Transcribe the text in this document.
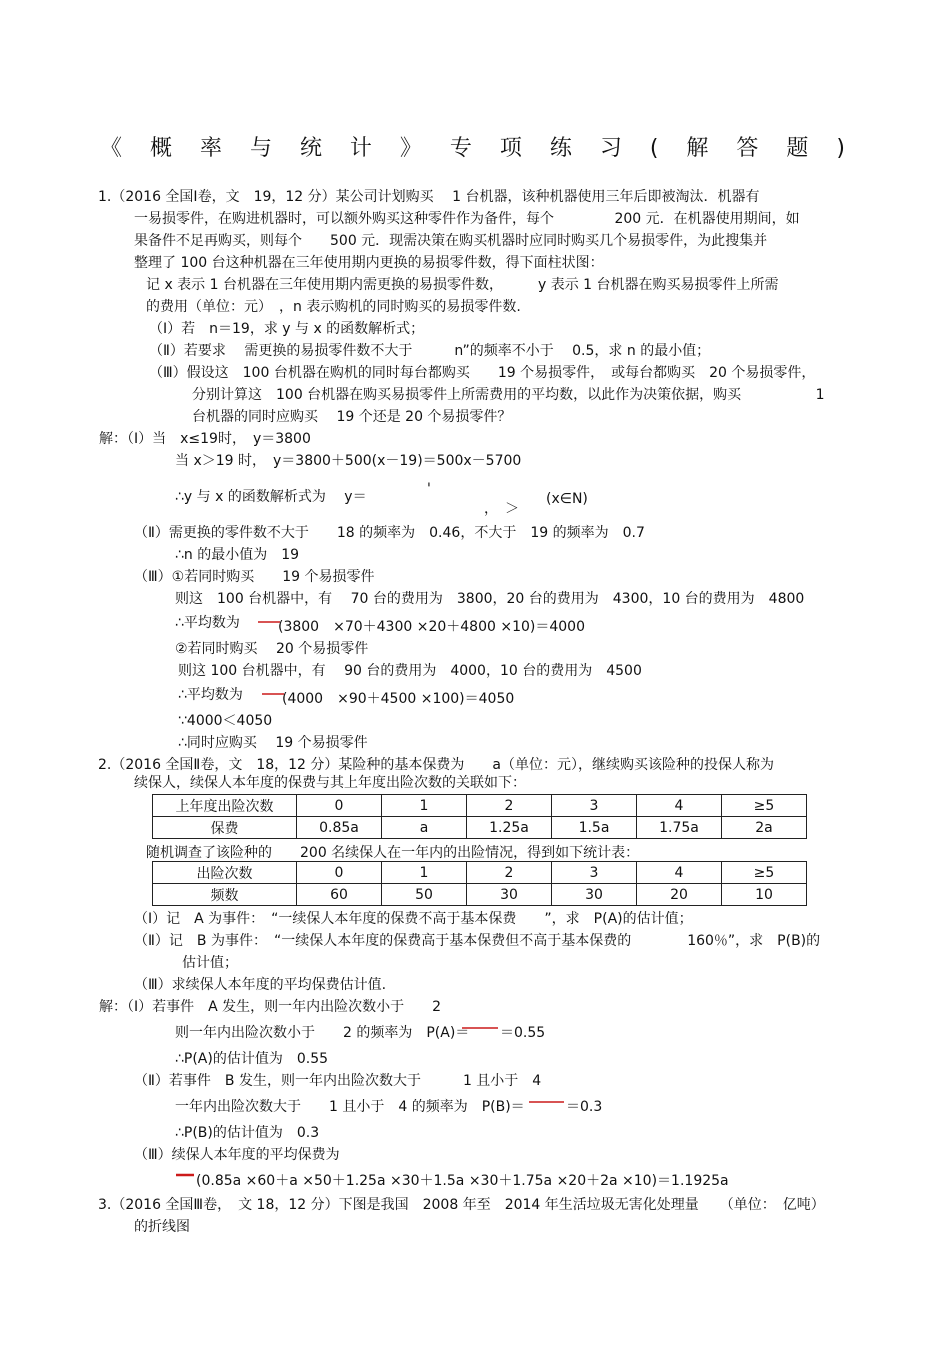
《 概 率 与 统 计 》 专 项 练 习 ( 解 答 题 )
1.（2016 全国Ⅰ卷，文　19，12 分）某公司计划购买　 1 台机器，该种机器使用三年后即被淘汰．机器有
一易损零件，在购进机器时，可以额外购买这种零件作为备件，每个　　　　 200 元．在机器使用期间，如
果备件不足再购买，则每个　　500 元．现需决策在购买机器时应同时购买几个易损零件，为此搜集并
整理了 100 台这种机器在三年使用期内更换的易损零件数，得下面柱状图：
记 x 表示 1 台机器在三年使用期内需更换的易损零件数，　　　y 表示 1 台机器在购买易损零件上所需
的费用（单位：元）　，n 表示购机的同时购买的易损零件数.
（Ⅰ）若　n＝19，求 y 与 x 的函数解析式；
（Ⅱ）若要求　 需更换的易损零件数不大于　　　n”的频率不小于　 0.5，求 n 的最小值；
（Ⅲ）假设这　100 台机器在购机的同时每台都购买　　19 个易损零件，　或每台都购买　20 个易损零件，
分别计算这　100 台机器在购买易损零件上所需费用的平均数，以此作为决策依据，购买　　　　　 1
台机器的同时应购买　 19 个还是 20 个易损零件？
解：（Ⅰ）当　x≤19时，　y＝3800
当 x＞19 时，　y＝3800＋500(x－19)＝500x－5700
∴y 与 x 的函数解析式为　 y＝	'
(x∈N)
，　＞
（Ⅱ）需更换的零件数不大于　　18 的频率为　0.46，不大于　19 的频率为　0.7
∴n 的最小值为　19
（Ⅲ）①若同时购买　　19 个易损零件
则这　100 台机器中，有　 70 台的费用为　3800，20 台的费用为　4300，10 台的费用为　4800
∴平均数为	(3800　×70＋4300 ×20＋4800 ×10)＝4000
②若同时购买　 20 个易损零件
则这 100 台机器中，有　 90 台的费用为　4000，10 台的费用为　4500
∴平均数为	(4000　×90＋4500 ×100)＝4050
∵4000＜4050
∴同时应购买　 19 个易损零件
2.（2016 全国Ⅱ卷，文　18，12 分）某险种的基本保费为　　a（单位：元），继续购买该险种的投保人称为
续保人，续保人本年度的保费与其上年度出险次数的关联如下：
随机调查了该险种的　　200 名续保人在一年内的出险情况，得到如下统计表：
（Ⅰ）记　A 为事件：　“一续保人本年度的保费不高于基本保费　　”，求　P(A)的估计值；
（Ⅱ）记　B 为事件：　“一续保人本年度的保费高于基本保费但不高于基本保费的　　　　160％”，求　P(B)的
估计值；
（Ⅲ）求续保人本年度的平均保费估计值.
解：（Ⅰ）若事件　A 发生，则一年内出险次数小于　　2
则一年内出险次数小于　　2 的频率为　P(A)＝ ＝0.55
∴P(A)的估计值为　0.55
（Ⅱ）若事件　B 发生，则一年内出险次数大于　　　1 且小于　4
一年内出险次数大于　　1 且小于　4 的频率为　P(B)＝	＝0.3
∴P(B)的估计值为　0.3
（Ⅲ）续保人本年度的平均保费为
(0.85a ×60＋a ×50＋1.25a ×30＋1.5a ×30＋1.75a ×20＋2a ×10)＝1.1925a
3.（2016 全国Ⅲ卷，　文 18，12 分）下图是我国　2008 年至　2014 年生活垃圾无害化处理量　　（单位：　亿吨）
的折线图
上年度出险次数	0	1	2	3	4	≥5
保费	0.85a	a	1.25a	1.5a	1.75a	2a
出险次数	0	1	2	3	4	≥5
频数	60	50	30	30	20	10
